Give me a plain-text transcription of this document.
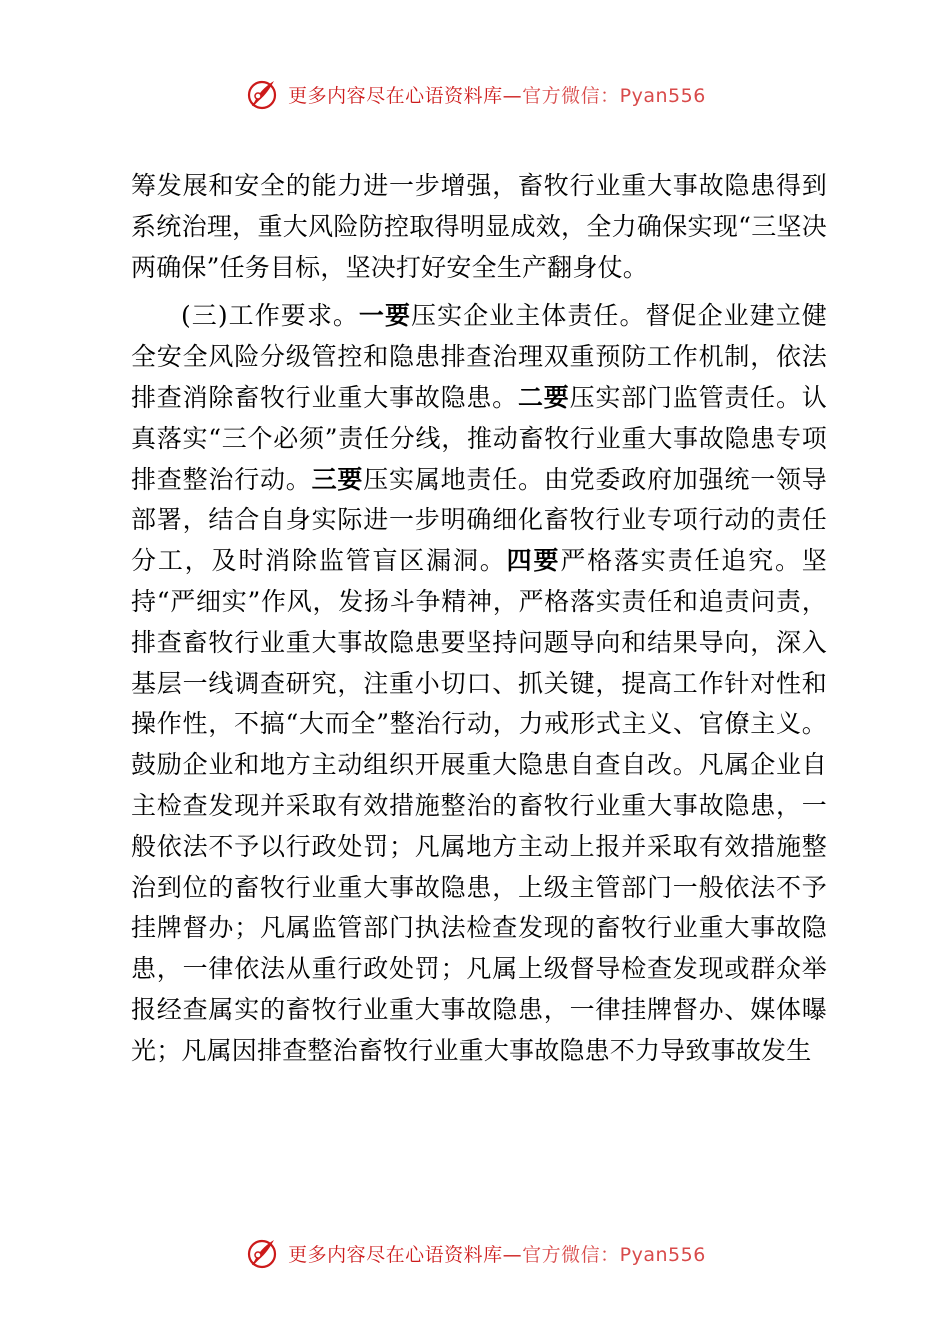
更多内容尽在心语资料库—官方微信：Pyan556

筹发展和安全的能力进一步增强，畜牧行业重大事故隐患得到系统治理，重大风险防控取得明显成效，全力确保实现“三坚决两确保”任务目标，坚决打好安全生产翻身仗。

(三)工作要求。一要压实企业主体责任。督促企业建立健全安全风险分级管控和隐患排查治理双重预防工作机制，依法排查消除畜牧行业重大事故隐患。二要压实部门监管责任。认真落实“三个必须”责任分线，推动畜牧行业重大事故隐患专项排查整治行动。三要压实属地责任。由党委政府加强统一领导部署，结合自身实际进一步明确细化畜牧行业专项行动的责任分工，及时消除监管盲区漏洞。四要严格落实责任追究。坚持“严细实”作风，发扬斗争精神，严格落实责任和追责问责，排查畜牧行业重大事故隐患要坚持问题导向和结果导向，深入基层一线调查研究，注重小切口、抓关键，提高工作针对性和操作性，不搞“大而全”整治行动，力戒形式主义、官僚主义。鼓励企业和地方主动组织开展重大隐患自查自改。凡属企业自主检查发现并采取有效措施整治的畜牧行业重大事故隐患，一般依法不予以行政处罚；凡属地方主动上报并采取有效措施整治到位的畜牧行业重大事故隐患，上级主管部门一般依法不予挂牌督办；凡属监管部门执法检查发现的畜牧行业重大事故隐患，一律依法从重行政处罚；凡属上级督导检查发现或群众举报经查属实的畜牧行业重大事故隐患，一律挂牌督办、媒体曝光；凡属因排查整治畜牧行业重大事故隐患不力导致事故发生

更多内容尽在心语资料库—官方微信：Pyan556
